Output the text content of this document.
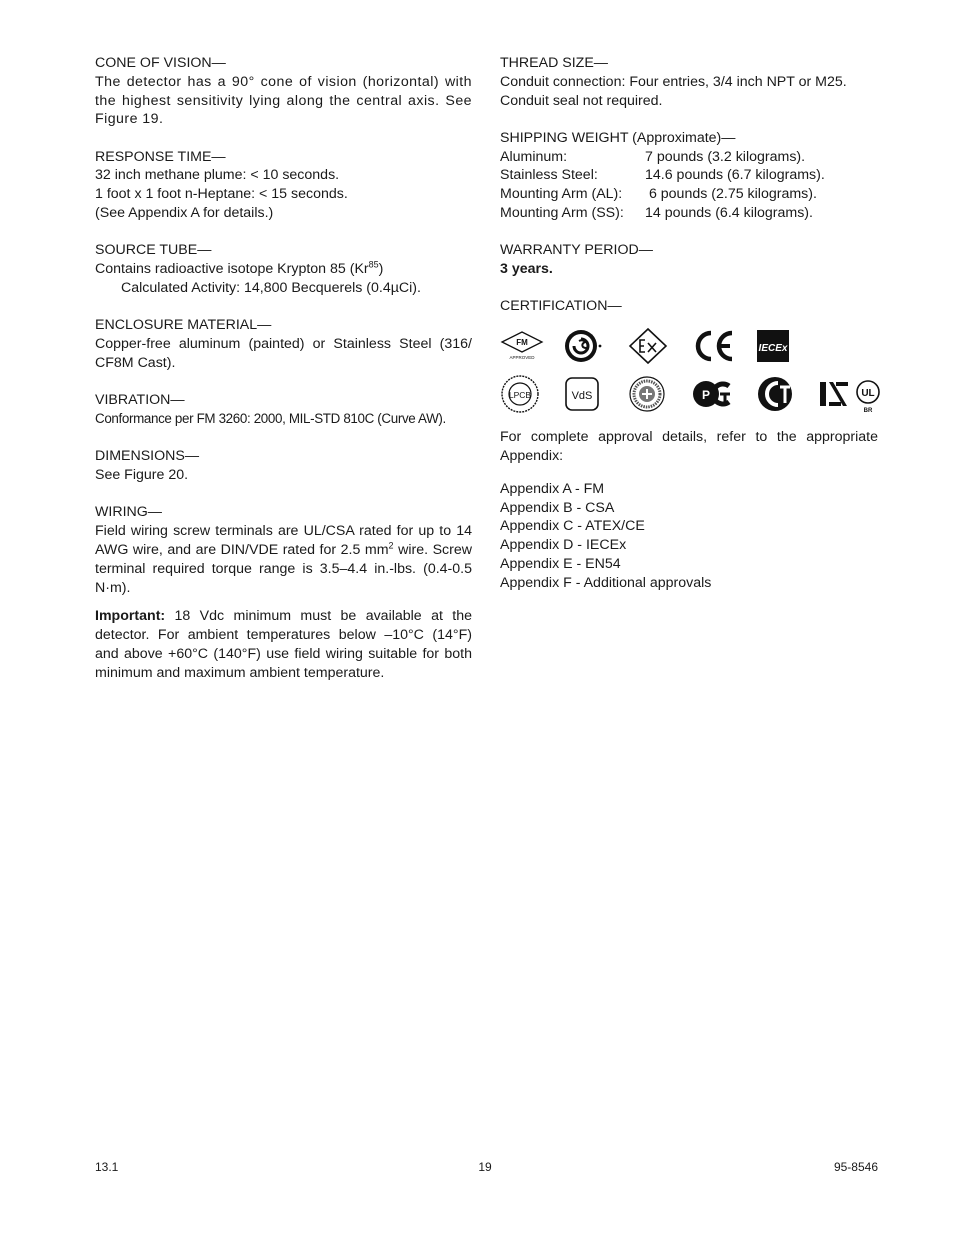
CONE OF VISION—
The detector has a 90° cone of vision (horizontal) with the highest sensitivity lying along the central axis. See Figure 19.
RESPONSE TIME—
32 inch methane plume: < 10 seconds.
1 foot x 1 foot n-Heptane: < 15 seconds.
(See Appendix A for details.)
SOURCE TUBE—
Contains radioactive isotope Krypton 85 (Kr$^{85}$)
Calculated Activity: 14,800 Becquerels (0.4µCi).
ENCLOSURE MATERIAL—
Copper-free aluminum (painted) or Stainless Steel (316/ CF8M Cast).
VIBRATION—
Conformance per FM 3260: 2000, MIL-STD 810C (Curve AW).
DIMENSIONS—
See Figure 20.
WIRING—
Field wiring screw terminals are UL/CSA rated for up to 14 AWG wire, and are DIN/VDE rated for 2.5 $mm^2$ wire. Screw terminal required torque range is 3.5–4.4 in.-lbs. (0.4-0.5 N·m).
Important: 18 Vdc minimum must be available at the detector. For ambient temperatures below –10°C (14°F) and above +60°C (140°F) use field wiring suitable for both minimum and maximum ambient temperature.
THREAD SIZE—
Conduit connection: Four entries, 3/4 inch NPT or M25.
Conduit seal not required.
SHIPPING WEIGHT (Approximate)—
Aluminum:	7 pounds (3.2 kilograms).
Stainless Steel:	14.6 pounds (6.7 kilograms).
Mounting Arm (AL):	6 pounds (2.75 kilograms).
Mounting Arm (SS):	14 pounds (6.4 kilograms).
WARRANTY PERIOD—
3 years.
CERTIFICATION—
FM
APPROVED
IECEx
LPCB	VdS	P	UL
BR
For complete approval details, refer to the appropriate Appendix:
Appendix A - FM
Appendix B - CSA
Appendix C - ATEX/CE
Appendix D - IECEx
Appendix E - EN54
Appendix F - Additional approvals
13.1	19	95-8546
